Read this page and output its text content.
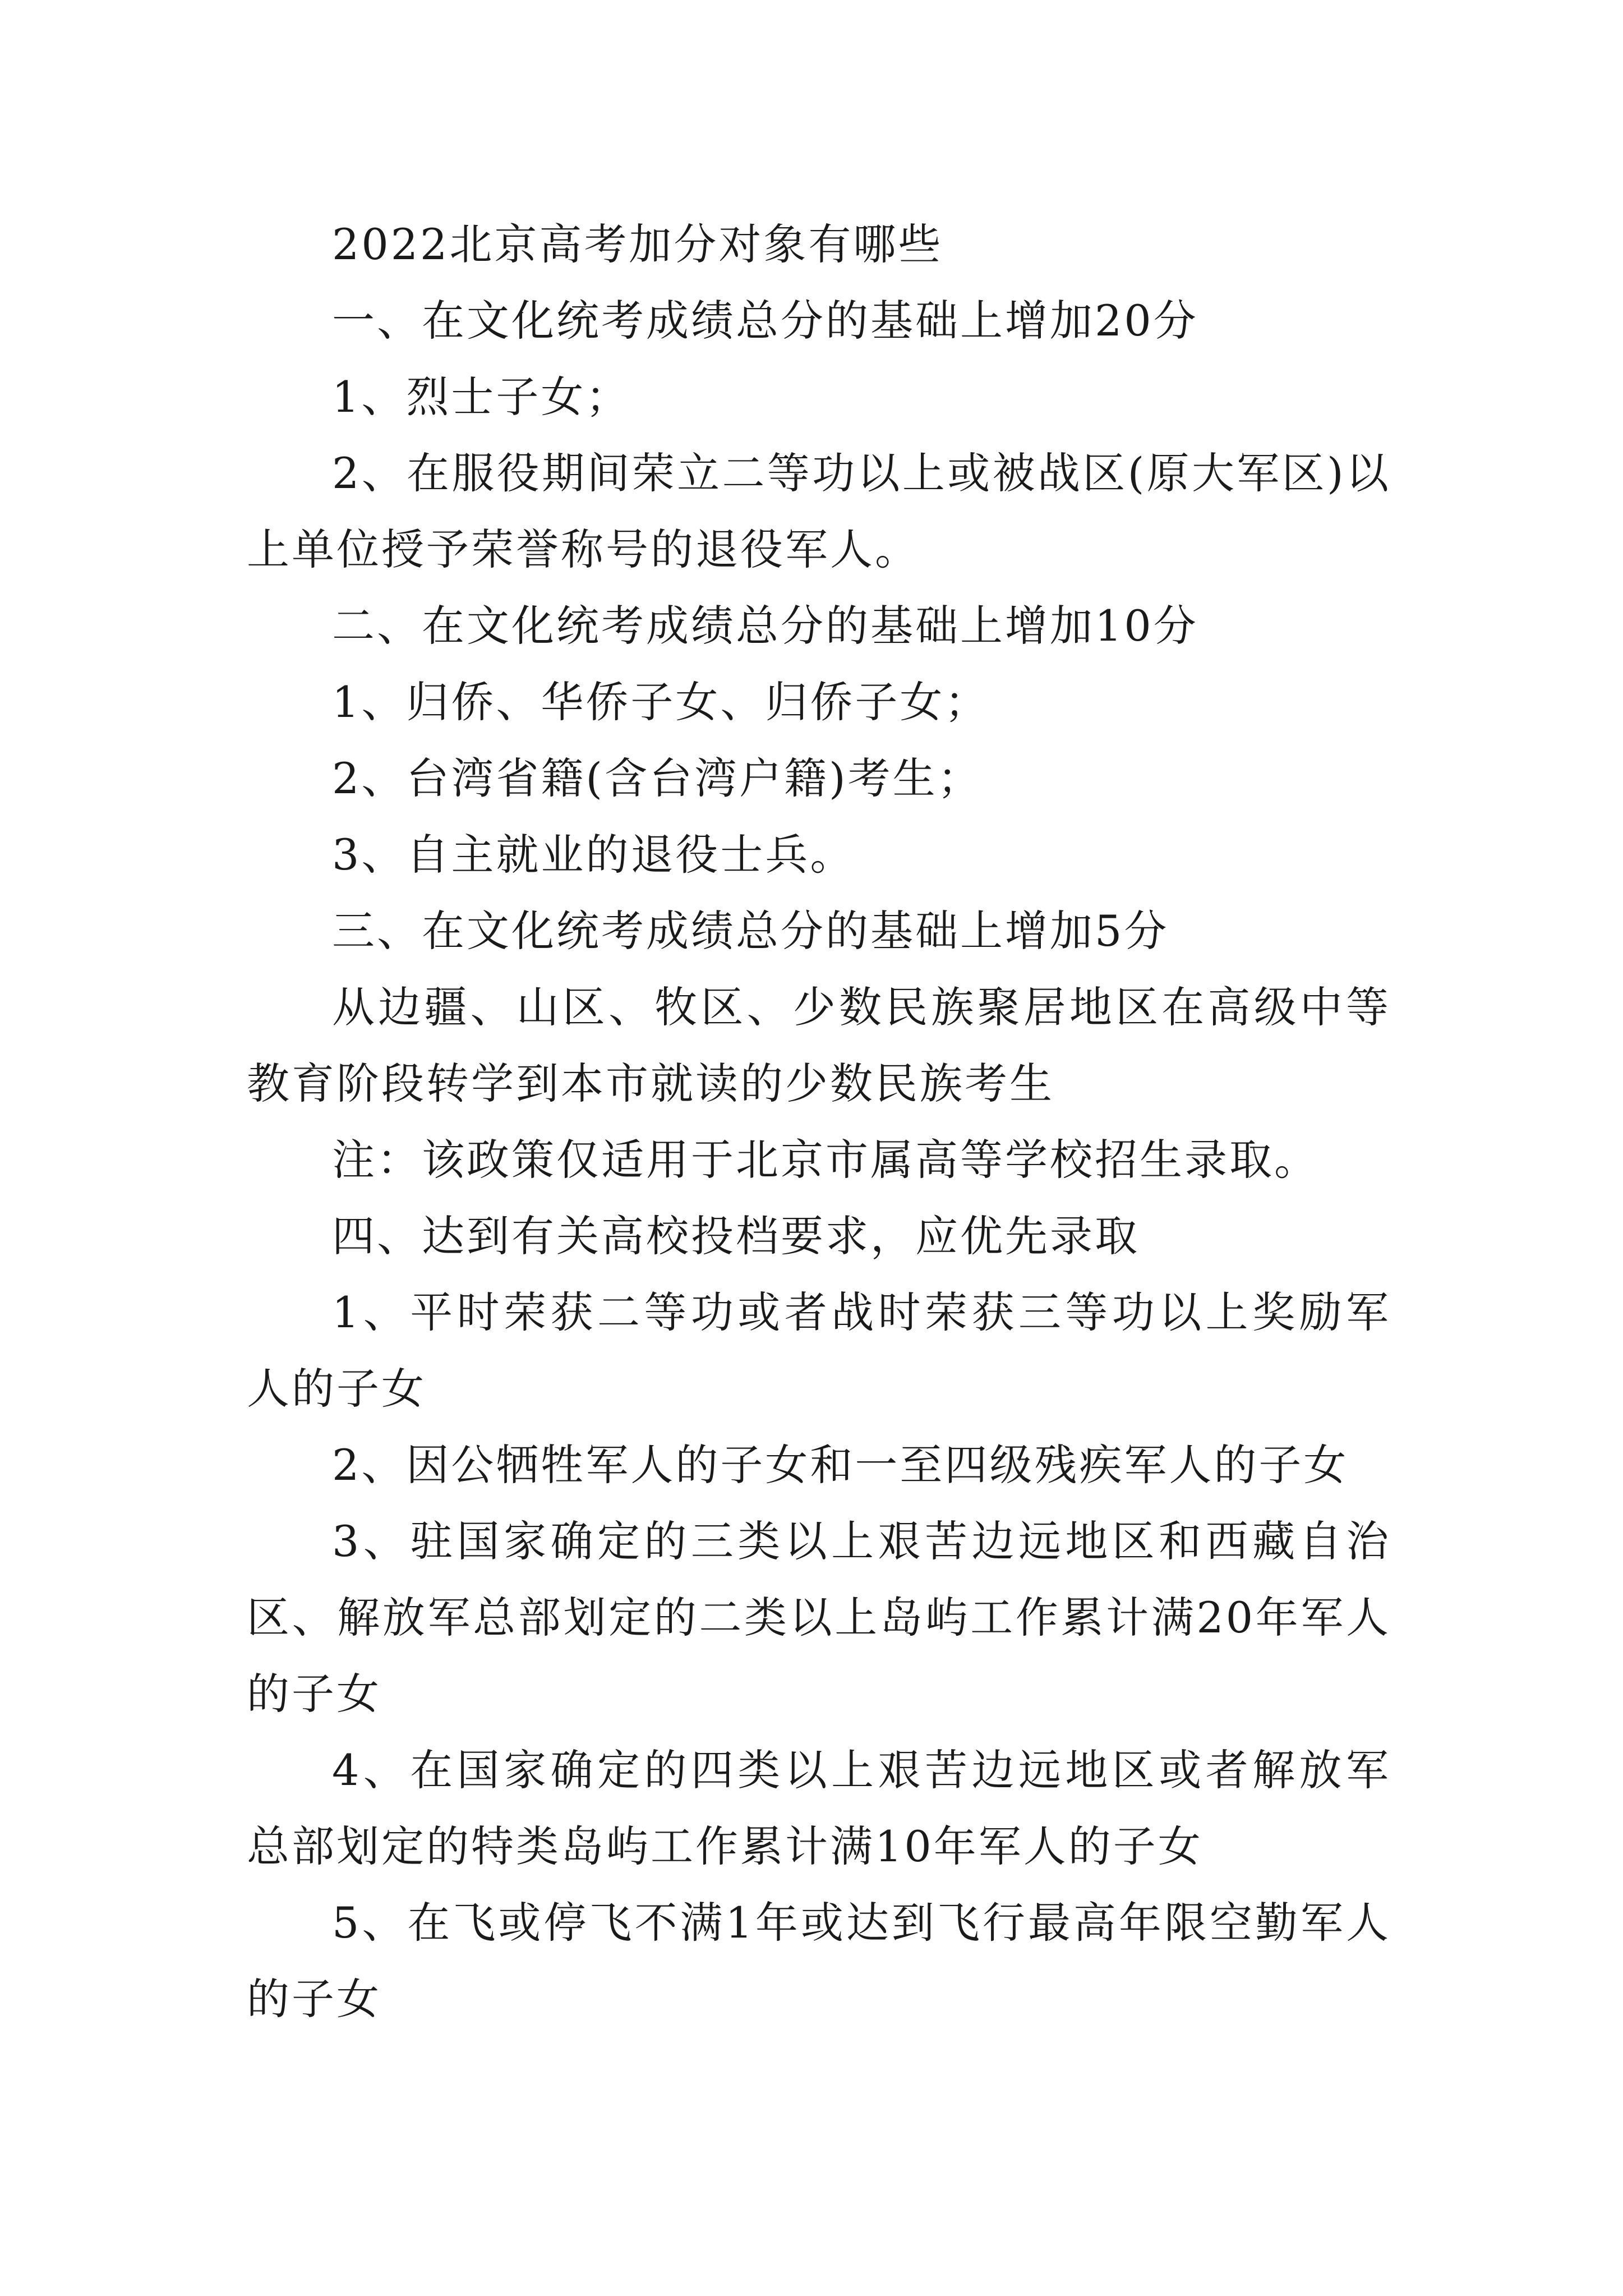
2022北京高考加分对象有哪些

一、在文化统考成绩总分的基础上增加20分

1、烈士子女；

2、在服役期间荣立二等功以上或被战区(原大军区)以上单位授予荣誉称号的退役军人。

二、在文化统考成绩总分的基础上增加10分

1、归侨、华侨子女、归侨子女；

2、台湾省籍(含台湾户籍)考生；

3、自主就业的退役士兵。

三、在文化统考成绩总分的基础上增加5分

从边疆、山区、牧区、少数民族聚居地区在高级中等教育阶段转学到本市就读的少数民族考生

注：该政策仅适用于北京市属高等学校招生录取。

四、达到有关高校投档要求，应优先录取

1、平时荣获二等功或者战时荣获三等功以上奖励军人的子女

2、因公牺牲军人的子女和一至四级残疾军人的子女

3、驻国家确定的三类以上艰苦边远地区和西藏自治区、解放军总部划定的二类以上岛屿工作累计满20年军人的子女

4、在国家确定的四类以上艰苦边远地区或者解放军总部划定的特类岛屿工作累计满10年军人的子女

5、在飞或停飞不满1年或达到飞行最高年限空勤军人的子女
